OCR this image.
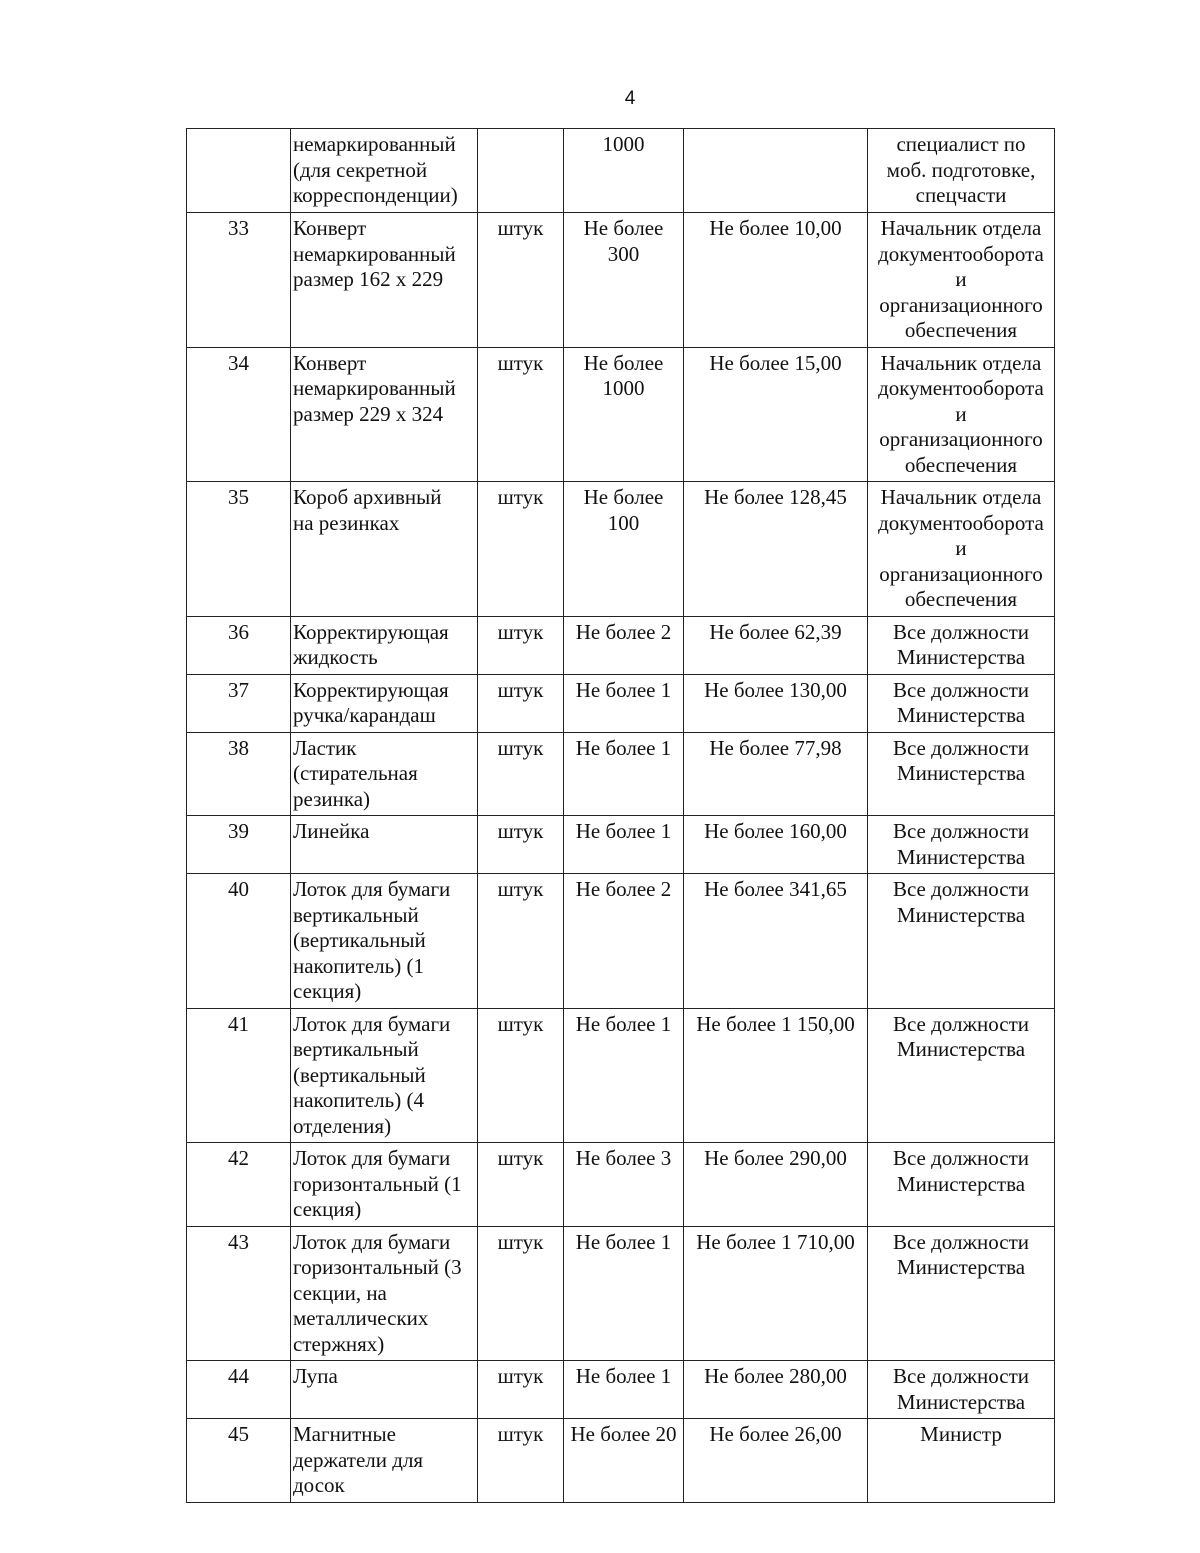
4
	немаркированный
(для секретной
корреспонденции)		1000		специалист по
моб. подготовке,
спецчасти
33	Конверт
немаркированный
размер 162 х 229	штук	Не более
300	Не более 10,00	Начальник отдела
документооборота
и
организационного
обеспечения
34	Конверт
немаркированный
размер 229 х 324	штук	Не более
1000	Не более 15,00	Начальник отдела
документооборота
и
организационного
обеспечения
35	Короб архивный
на резинках	штук	Не более
100	Не более 128,45	Начальник отдела
документооборота
и
организационного
обеспечения
36	Корректирующая
жидкость	штук	Не более 2	Не более 62,39	Все должности
Министерства
37	Корректирующая
ручка/карандаш	штук	Не более 1	Не более 130,00	Все должности
Министерства
38	Ластик
(стирательная
резинка)	штук	Не более 1	Не более 77,98	Все должности
Министерства
39	Линейка	штук	Не более 1	Не более 160,00	Все должности
Министерства
40	Лоток для бумаги
вертикальный
(вертикальный
накопитель) (1
секция)	штук	Не более 2	Не более 341,65	Все должности
Министерства
41	Лоток для бумаги
вертикальный
(вертикальный
накопитель) (4
отделения)	штук	Не более 1	Не более 1 150,00	Все должности
Министерства
42	Лоток для бумаги
горизонтальный (1
секция)	штук	Не более 3	Не более 290,00	Все должности
Министерства
43	Лоток для бумаги
горизонтальный (3
секции, на
металлических
стержнях)	штук	Не более 1	Не более 1 710,00	Все должности
Министерства
44	Лупа	штук	Не более 1	Не более 280,00	Все должности
Министерства
45	Магнитные
держатели для
досок	штук	Не более 20	Не более 26,00	Министр
